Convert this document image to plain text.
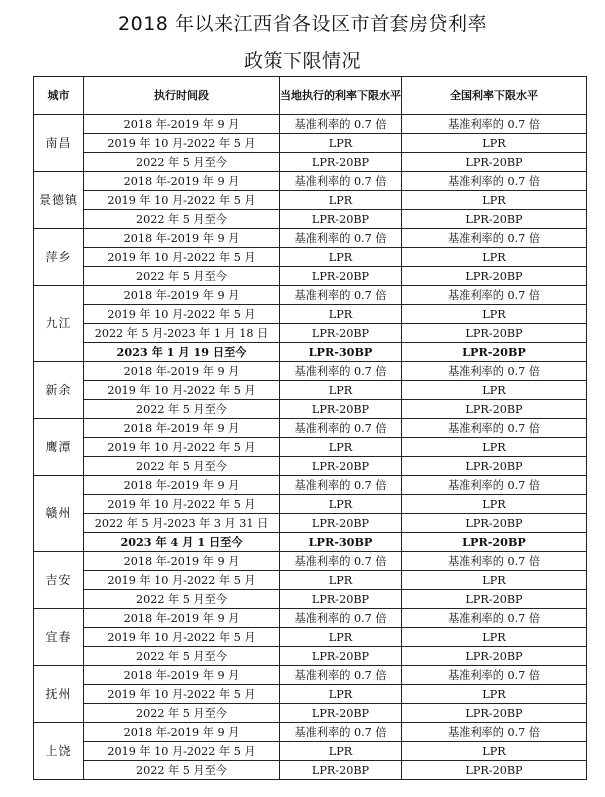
2018 年以来江西省各设区市首套房贷利率
政策下限情况
城市	执行时间段	当地执行的利率下限水平	全国利率下限水平
南昌	2018 年-2019 年 9 月	基准利率的 0.7 倍	基准利率的 0.7 倍
	2019 年 10 月-2022 年 5 月	LPR	LPR
	2022 年 5 月至今	LPR-20BP	LPR-20BP
景德镇	2018 年-2019 年 9 月	基准利率的 0.7 倍	基准利率的 0.7 倍
	2019 年 10 月-2022 年 5 月	LPR	LPR
	2022 年 5 月至今	LPR-20BP	LPR-20BP
萍乡	2018 年-2019 年 9 月	基准利率的 0.7 倍	基准利率的 0.7 倍
	2019 年 10 月-2022 年 5 月	LPR	LPR
	2022 年 5 月至今	LPR-20BP	LPR-20BP
九江	2018 年-2019 年 9 月	基准利率的 0.7 倍	基准利率的 0.7 倍
	2019 年 10 月-2022 年 5 月	LPR	LPR
	2022 年 5 月-2023 年 1 月 18 日	LPR-20BP	LPR-20BP
	2023 年 1 月 19 日至今	LPR-30BP	LPR-20BP
新余	2018 年-2019 年 9 月	基准利率的 0.7 倍	基准利率的 0.7 倍
	2019 年 10 月-2022 年 5 月	LPR	LPR
	2022 年 5 月至今	LPR-20BP	LPR-20BP
鹰潭	2018 年-2019 年 9 月	基准利率的 0.7 倍	基准利率的 0.7 倍
	2019 年 10 月-2022 年 5 月	LPR	LPR
	2022 年 5 月至今	LPR-20BP	LPR-20BP
赣州	2018 年-2019 年 9 月	基准利率的 0.7 倍	基准利率的 0.7 倍
	2019 年 10 月-2022 年 5 月	LPR	LPR
	2022 年 5 月-2023 年 3 月 31 日	LPR-20BP	LPR-20BP
	2023 年 4 月 1 日至今	LPR-30BP	LPR-20BP
吉安	2018 年-2019 年 9 月	基准利率的 0.7 倍	基准利率的 0.7 倍
	2019 年 10 月-2022 年 5 月	LPR	LPR
	2022 年 5 月至今	LPR-20BP	LPR-20BP
宜春	2018 年-2019 年 9 月	基准利率的 0.7 倍	基准利率的 0.7 倍
	2019 年 10 月-2022 年 5 月	LPR	LPR
	2022 年 5 月至今	LPR-20BP	LPR-20BP
抚州	2018 年-2019 年 9 月	基准利率的 0.7 倍	基准利率的 0.7 倍
	2019 年 10 月-2022 年 5 月	LPR	LPR
	2022 年 5 月至今	LPR-20BP	LPR-20BP
上饶	2018 年-2019 年 9 月	基准利率的 0.7 倍	基准利率的 0.7 倍
	2019 年 10 月-2022 年 5 月	LPR	LPR
	2022 年 5 月至今	LPR-20BP	LPR-20BP
